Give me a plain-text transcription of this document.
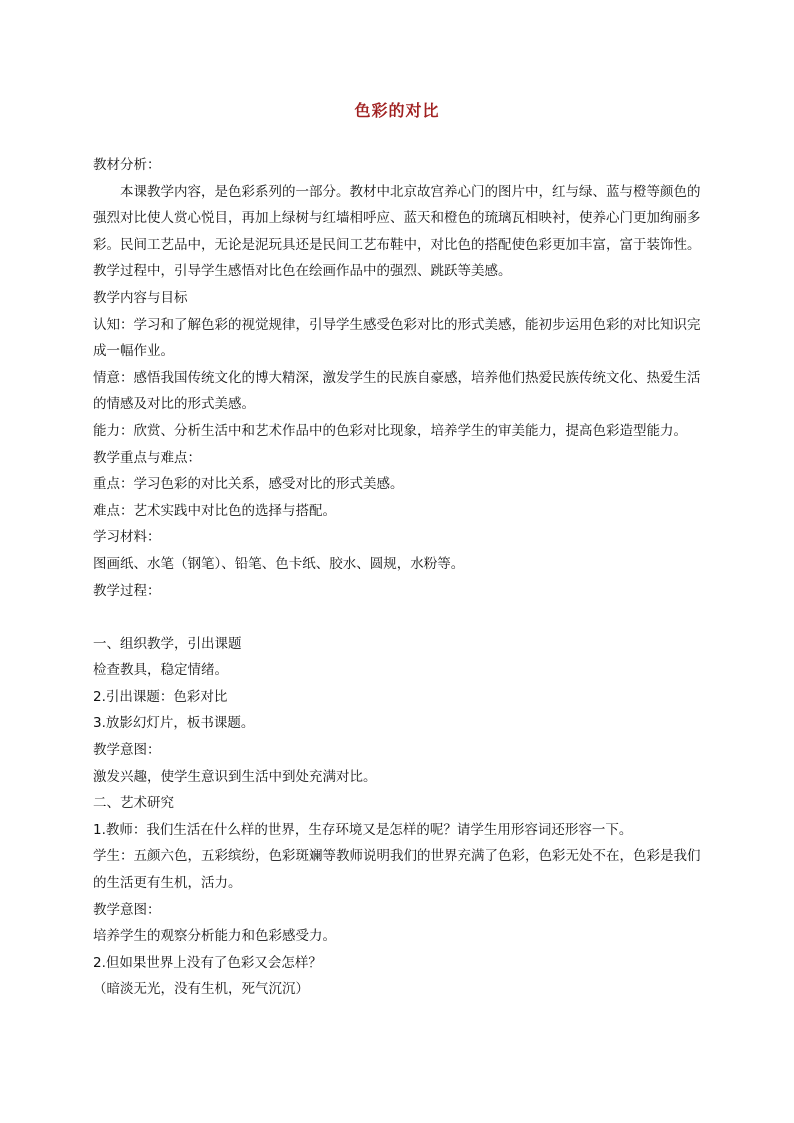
色彩的对比

教材分析：

本课教学内容，是色彩系列的一部分。教材中北京故宫养心门的图片中，红与绿、蓝与橙等颜色的强烈对比使人赏心悦目，再加上绿树与红墙相呼应、蓝天和橙色的琉璃瓦相映衬，使养心门更加绚丽多彩。民间工艺品中，无论是泥玩具还是民间工艺布鞋中，对比色的搭配使色彩更加丰富，富于装饰性。教学过程中，引导学生感悟对比色在绘画作品中的强烈、跳跃等美感。

教学内容与目标

认知：学习和了解色彩的视觉规律，引导学生感受色彩对比的形式美感，能初步运用色彩的对比知识完成一幅作业。

情意：感悟我国传统文化的博大精深，激发学生的民族自豪感，培养他们热爱民族传统文化、热爱生活的情感及对比的形式美感。

能力：欣赏、分析生活中和艺术作品中的色彩对比现象，培养学生的审美能力，提高色彩造型能力。

教学重点与难点：

重点：学习色彩的对比关系，感受对比的形式美感。

难点：艺术实践中对比色的选择与搭配。

学习材料：

图画纸、水笔（钢笔）、铅笔、色卡纸、胶水、圆规，水粉等。

教学过程：

一、组织教学，引出课题

检查教具，稳定情绪。

2.引出课题：色彩对比

3.放影幻灯片，板书课题。

教学意图：

激发兴趣，使学生意识到生活中到处充满对比。

二、艺术研究

1.教师：我们生活在什么样的世界，生存环境又是怎样的呢？请学生用形容词还形容一下。

学生：五颜六色，五彩缤纷，色彩斑斓等教师说明我们的世界充满了色彩，色彩无处不在，色彩是我们的生活更有生机，活力。

教学意图：

培养学生的观察分析能力和色彩感受力。

2.但如果世界上没有了色彩又会怎样？

（暗淡无光，没有生机，死气沉沉）
